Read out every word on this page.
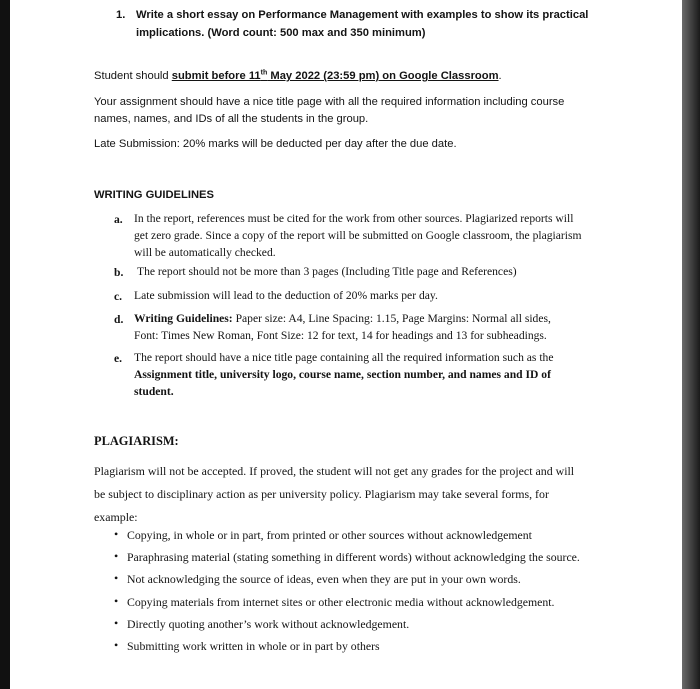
1. Write a short essay on Performance Management with examples to show its practical
implications. (Word count: 500 max and 350 minimum)
Student should submit before 11th May 2022 (23:59 pm) on Google Classroom.
Your assignment should have a nice title page with all the required information including course
names, names, and IDs of all the students in the group.
Late Submission: 20% marks will be deducted per day after the due date.
WRITING GUIDELINES
a. In the report, references must be cited for the work from other sources. Plagiarized reports will
get zero grade. Since a copy of the report will be submitted on Google classroom, the plagiarism
will be automatically checked.
b. The report should not be more than 3 pages (Including Title page and References)
c. Late submission will lead to the deduction of 20% marks per day.
d. Writing Guidelines: Paper size: A4, Line Spacing: 1.15, Page Margins: Normal all sides,
Font: Times New Roman, Font Size: 12 for text, 14 for headings and 13 for subheadings.
e. The report should have a nice title page containing all the required information such as the
Assignment title, university logo, course name, section number, and names and ID of
student.
PLAGIARISM:
Plagiarism will not be accepted. If proved, the student will not get any grades for the project and will
be subject to disciplinary action as per university policy. Plagiarism may take several forms, for
example:
• Copying, in whole or in part, from printed or other sources without acknowledgement
• Paraphrasing material (stating something in different words) without acknowledging the source.
• Not acknowledging the source of ideas, even when they are put in your own words.
• Copying materials from internet sites or other electronic media without acknowledgement.
• Directly quoting another’s work without acknowledgement.
• Submitting work written in whole or in part by others
